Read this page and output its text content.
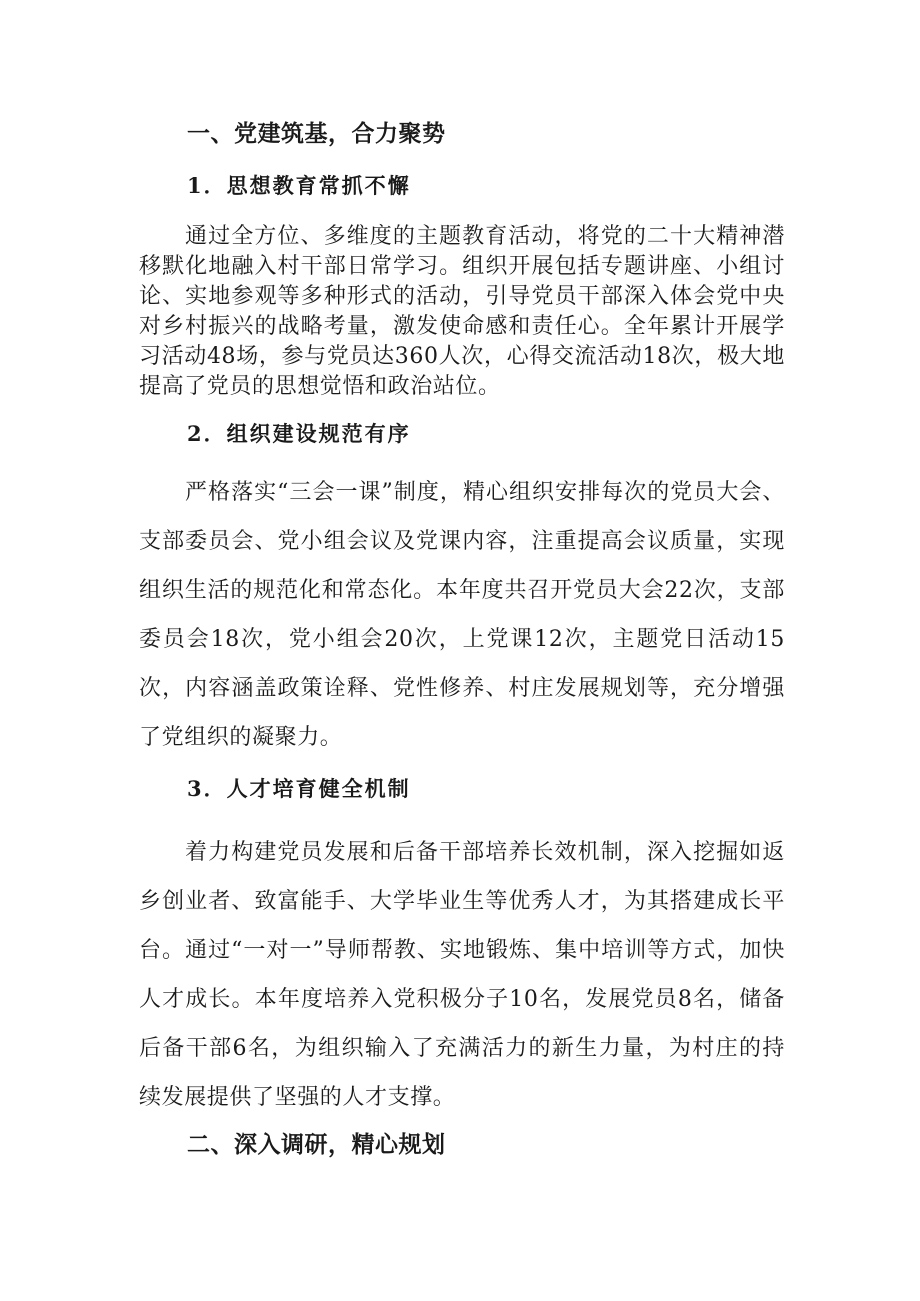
一、党建筑基，合力聚势
1．思想教育常抓不懈

通过全方位、多维度的主题教育活动，将党的二十大精神潜移默化地融入村干部日常学习。组织开展包括专题讲座、小组讨论、实地参观等多种形式的活动，引导党员干部深入体会党中央对乡村振兴的战略考量，激发使命感和责任心。全年累计开展学习活动48场，参与党员达360人次，心得交流活动18次，极大地提高了党员的思想觉悟和政治站位。

2．组织建设规范有序

严格落实“三会一课”制度，精心组织安排每次的党员大会、支部委员会、党小组会议及党课内容，注重提高会议质量，实现组织生活的规范化和常态化。本年度共召开党员大会22次，支部委员会18次，党小组会20次，上党课12次，主题党日活动15次，内容涵盖政策诠释、党性修养、村庄发展规划等，充分增强了党组织的凝聚力。

3．人才培育健全机制

着力构建党员发展和后备干部培养长效机制，深入挖掘如返乡创业者、致富能手、大学毕业生等优秀人才，为其搭建成长平台。通过“一对一”导师帮教、实地锻炼、集中培训等方式，加快人才成长。本年度培养入党积极分子10名，发展党员8名，储备后备干部6名，为组织输入了充满活力的新生力量，为村庄的持续发展提供了坚强的人才支撑。

二、深入调研，精心规划
